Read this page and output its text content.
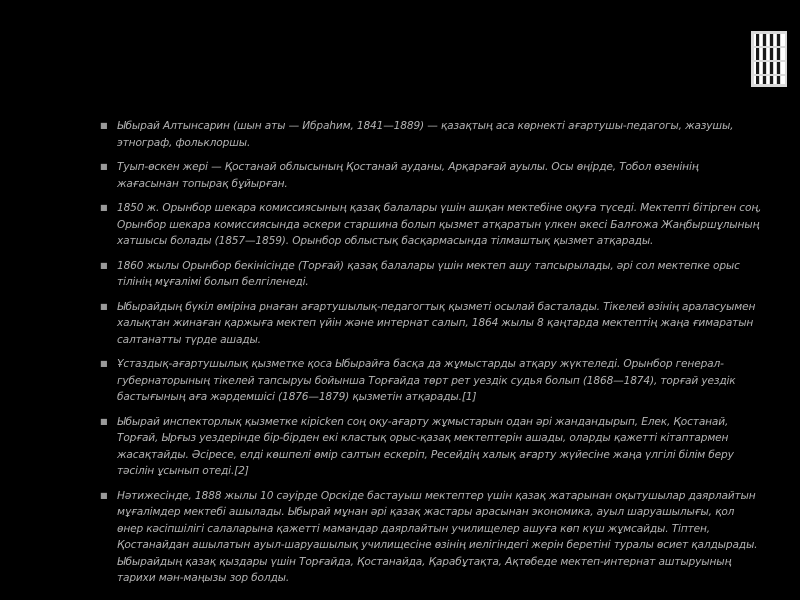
■ Ыбырай Алтынсарин (шын аты — Ибраһим, 1841—1889) — қазақтың аса көрнекті ағартушы-педагогы, жазушы, этнограф, фольклоршы.
■ Туып-өскен жері — Қостанай облысының Қостанай ауданы, Арқарағай ауылы. Осы өңірде, Тобол өзенінің жағасынан топырақ бұйырған.
■ 1850 ж. Орынбор шекара комиссиясының қазақ балалары үшін ашқан мектебіне оқуға түседі. Мектепті бітірген соң, Орынбор шекара комиссиясында әскери старшина болып қызмет атқаратын үлкен әкесі Балғожа Жаңбыршұлының хатшысы болады (1857—1859). Орынбор облыстық басқармасында тілмаштық қызмет атқарады.
■ 1860 жылы Орынбор бекінісінде (Торғай) қазақ балалары үшін мектеп ашу тапсырылады, әрі сол мектепке орыс тілінің мұғалімі болып белгіленеді.
■ Ыбырайдың бүкіл өміріна рнаған ағартушылық-педагогтық қызметі осылай басталады. Тікелей өзінің араласуымен халықтан жинаған қаржыға мектеп үйін және интернат салып, 1864 жылы 8 қаңтарда мектептің жаңа ғимаратын салтанатты түрде ашады.
■ Ұстаздық-ағартушылық қызметке қоса Ыбырайға басқа да жұмыстарды атқару жүктеледі. Орынбор генерал-губернаторының тікелей тапсыруы бойынша Торғайда төрт рет уездік судья болып (1868—1874), торғай уездік бастығының аға жәрдемшісі (1876—1879) қызметін атқарады.[1]
■ Ыбырай инспекторлық қызметке кірісken соң оқу-ағарту жұмыстарын одан әрі жандандырып, Елек, Қостанай, Торғай, Ырғыз уездерінде бір-бірден екі кластық орыс-қазақ мектептерін ашады, оларды қажетті кітаптармен жасақтайды. Әсіресе, елді көшпелі өмір салтын ескеріп, Ресейдің халық ағарту жүйесіне жаңа үлгілі білім беру тәсілін ұсынып отеді.[2]
■ Нәтижесінде, 1888 жылы 10 сәуірде Орскіде бастауыш мектептер үшін қазақ жатарынан оқытушылар даярлайтын мұғалімдер мектебі ашылады. Ыбырай мұнан әрі қазақ жастары арасынан экономика, ауыл шаруашылығы, қол өнер кәсіпшілігі салаларына қажетті мамандар даярлайтын училищелер ашуға көп күш жұмсайды. Тіптен, Қостанайдан ашылатын ауыл-шаруашылық училищесіне өзінің иелігіндегі жерін беретіні туралы өсиет қалдырады. Ыбырайдың қазақ қыздары үшін Торғайда, Қостанайда, Қарабұтақта, Ақтөбеде мектеп-интернат аштыруының тарихи мән-маңызы зор болды.
